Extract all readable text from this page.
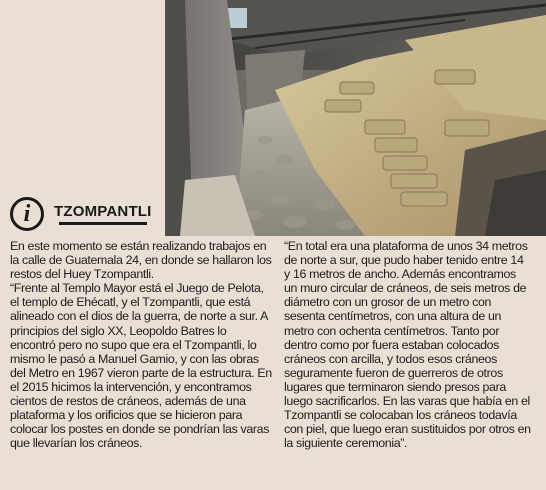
i	TZOMPANTLI

En este momento se están realizando trabajos en la calle de Guatemala 24, en donde se hallaron los restos del Huey Tzompantli.

“Frente al Templo Mayor está el Juego de Pelota, el templo de Ehécatl, y el Tzompantli, que está alineado con el dios de la guerra, de norte a sur. A principios del siglo XX, Leopoldo Batres lo encontró pero no supo que era el Tzompantli, lo mismo le pasó a Manuel Gamio, y con las obras del Metro en 1967 vieron parte de la estructura. En el 2015 hicimos la intervención, y encontramos cientos de restos de cráneos, además de una plataforma y los orificios que se hicieron para colocar los postes en donde se pondrían las varas que llevarían los cráneos.

“En total era una plataforma de unos 34 metros de norte a sur, que pudo haber tenido entre 14 y 16 metros de ancho. Además encontramos un muro circular de cráneos, de seis metros de diámetro con un grosor de un metro con sesenta centímetros, con una altura de un metro con ochenta centímetros. Tanto por dentro como por fuera estaban colocados cráneos con arcilla, y todos esos cráneos seguramente fueron de guerreros de otros lugares que terminaron siendo presos para luego sacrificarlos. En las varas que había en el Tzompantli se colocaban los cráneos todavía con piel, que luego eran sustituidos por otros en la siguiente ceremonia”.
